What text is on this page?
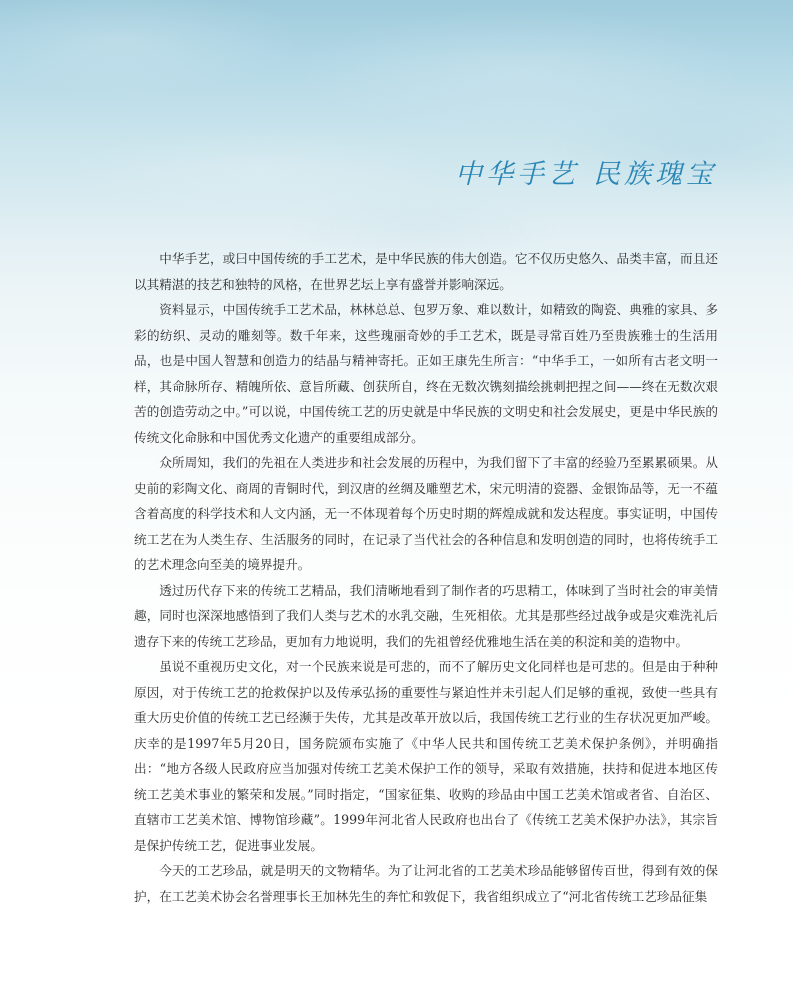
中华手艺 民族瑰宝

中华手艺，或曰中国传统的手工艺术，是中华民族的伟大创造。它不仅历史悠久、品类丰富，而且还以其精湛的技艺和独特的风格，在世界艺坛上享有盛誉并影响深远。

资料显示，中国传统手工艺术品，林林总总、包罗万象、难以数计，如精致的陶瓷、典雅的家具、多彩的纺织、灵动的雕刻等。数千年来，这些瑰丽奇妙的手工艺术，既是寻常百姓乃至贵族雅士的生活用品，也是中国人智慧和创造力的结晶与精神寄托。正如王康先生所言：“中华手工，一如所有古老文明一样，其命脉所存、精魄所依、意旨所藏、创获所自，终在无数次镌刻描绘挑刺把捏之间——终在无数次艰苦的创造劳动之中。”可以说，中国传统工艺的历史就是中华民族的文明史和社会发展史，更是中华民族的传统文化命脉和中国优秀文化遗产的重要组成部分。

众所周知，我们的先祖在人类进步和社会发展的历程中，为我们留下了丰富的经验乃至累累硕果。从史前的彩陶文化、商周的青铜时代，到汉唐的丝绸及雕塑艺术，宋元明清的瓷器、金银饰品等，无一不蕴含着高度的科学技术和人文内涵，无一不体现着每个历史时期的辉煌成就和发达程度。事实证明，中国传统工艺在为人类生存、生活服务的同时，在记录了当代社会的各种信息和发明创造的同时，也将传统手工的艺术理念向至美的境界提升。

透过历代存下来的传统工艺精品，我们清晰地看到了制作者的巧思精工，体味到了当时社会的审美情趣，同时也深深地感悟到了我们人类与艺术的水乳交融，生死相依。尤其是那些经过战争或是灾难洗礼后遗存下来的传统工艺珍品，更加有力地说明，我们的先祖曾经优雅地生活在美的积淀和美的造物中。

虽说不重视历史文化，对一个民族来说是可悲的，而不了解历史文化同样也是可悲的。但是由于种种原因，对于传统工艺的抢救保护以及传承弘扬的重要性与紧迫性并未引起人们足够的重视，致使一些具有重大历史价值的传统工艺已经濒于失传，尤其是改革开放以后，我国传统工艺行业的生存状况更加严峻。庆幸的是1997年5月20日，国务院颁布实施了《中华人民共和国传统工艺美术保护条例》，并明确指出：“地方各级人民政府应当加强对传统工艺美术保护工作的领导，采取有效措施，扶持和促进本地区传统工艺美术事业的繁荣和发展。”同时指定，“国家征集、收购的珍品由中国工艺美术馆或者省、自治区、直辖市工艺美术馆、博物馆珍藏”。1999年河北省人民政府也出台了《传统工艺美术保护办法》，其宗旨是保护传统工艺，促进事业发展。

今天的工艺珍品，就是明天的文物精华。为了让河北省的工艺美术珍品能够留传百世，得到有效的保护，在工艺美术协会名誉理事长王加林先生的奔忙和敦促下，我省组织成立了“河北省传统工艺珍品征集
